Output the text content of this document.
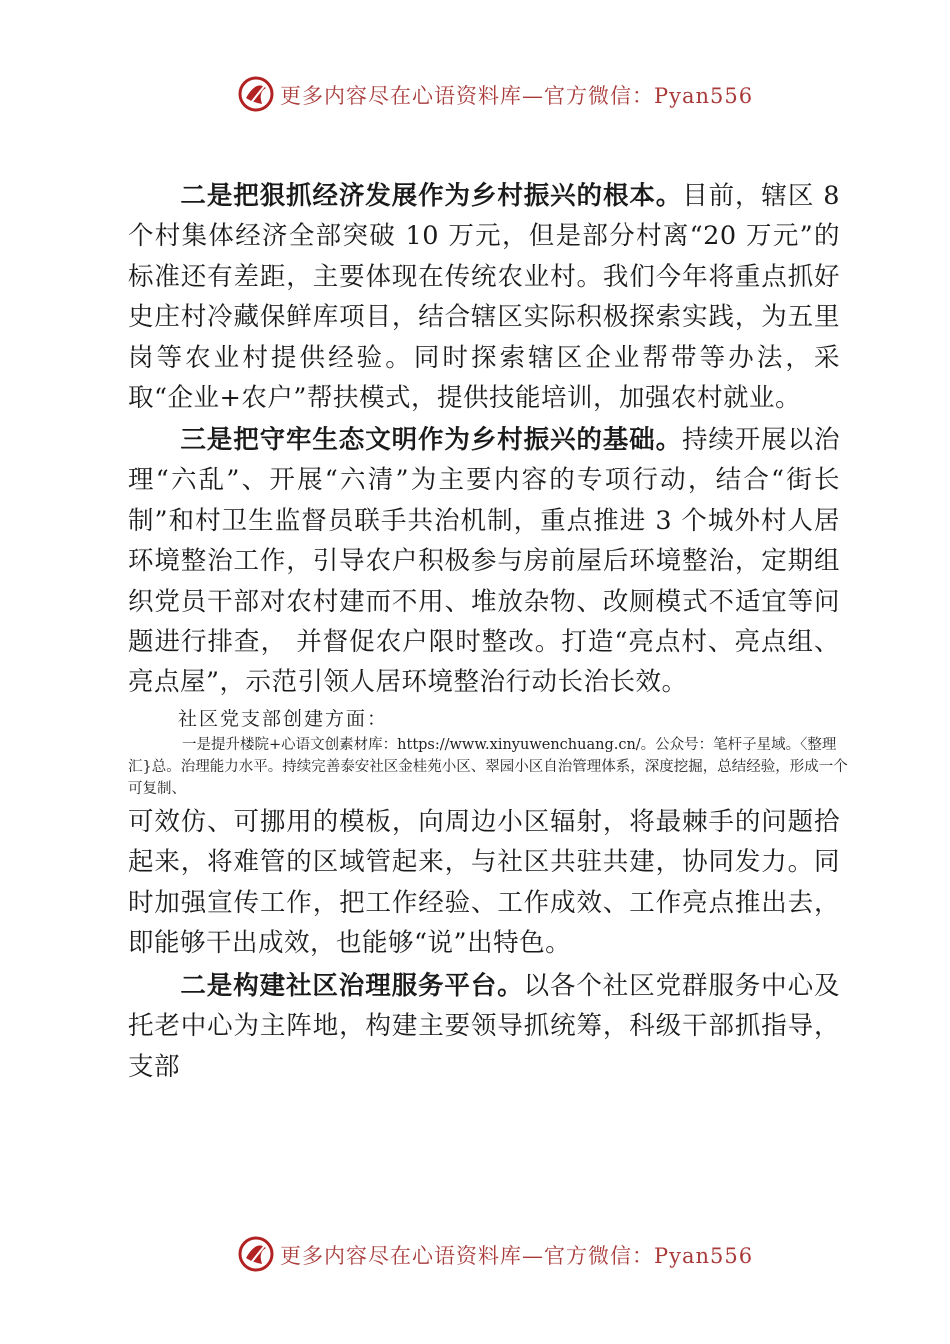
更多内容尽在心语资料库—官方微信：Pyan556
二是把狠抓经济发展作为乡村振兴的根本。目前，辖区 8 个村集体经济全部突破 10 万元，但是部分村离“20 万元”的标准还有差距，主要体现在传统农业村。我们今年将重点抓好史庄村冷藏保鲜库项目，结合辖区实际积极探索实践，为五里岗等农业村提供经验。同时探索辖区企业帮带等办法，采取“企业+农户”帮扶模式，提供技能培训，加强农村就业。
三是把守牢生态文明作为乡村振兴的基础。持续开展以治理“六乱”、开展“六清”为主要内容的专项行动，结合“街长制”和村卫生监督员联手共治机制，重点推进 3 个城外村人居环境整治工作，引导农户积极参与房前屋后环境整治，定期组织党员干部对农村建而不用、堆放杂物、改厕模式不适宜等问题进行排查， 并督促农户限时整改。打造“亮点村、亮点组、亮点屋”，示范引领人居环境整治行动长治长效。
社区党支部创建方面：
一是提升楼院+心语文创素材库：https://www.xinyuwenchuang.cn/。公众号：笔杆子星域。〈整理汇}总。治理能力水平。持续完善泰安社区金桂苑小区、翠园小区自治管理体系，深度挖掘，总结经验，形成一个可复制、
可效仿、可挪用的模板，向周边小区辐射，将最棘手的问题拾起来，将难管的区域管起来，与社区共驻共建，协同发力。同时加强宣传工作，把工作经验、工作成效、工作亮点推出去，即能够干出成效，也能够“说”出特色。
二是构建社区治理服务平台。以各个社区党群服务中心及托老中心为主阵地，构建主要领导抓统筹，科级干部抓指导，支部
更多内容尽在心语资料库—官方微信：Pyan556
